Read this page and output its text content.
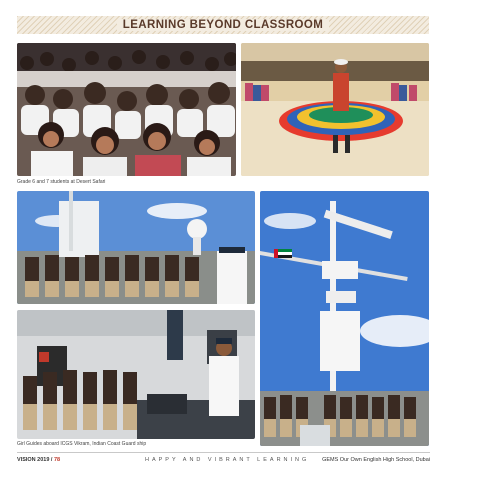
LEARNING BEYOND CLASSROOM
Grade 6 and 7 students at Desert Safari
Girl Guides aboard ICGS Vikram, Indian Coast Guard ship
VISION 2019 / 78	HAPPY AND VIBRANT LEARNING GEMS Our Own English High School, Dubai
